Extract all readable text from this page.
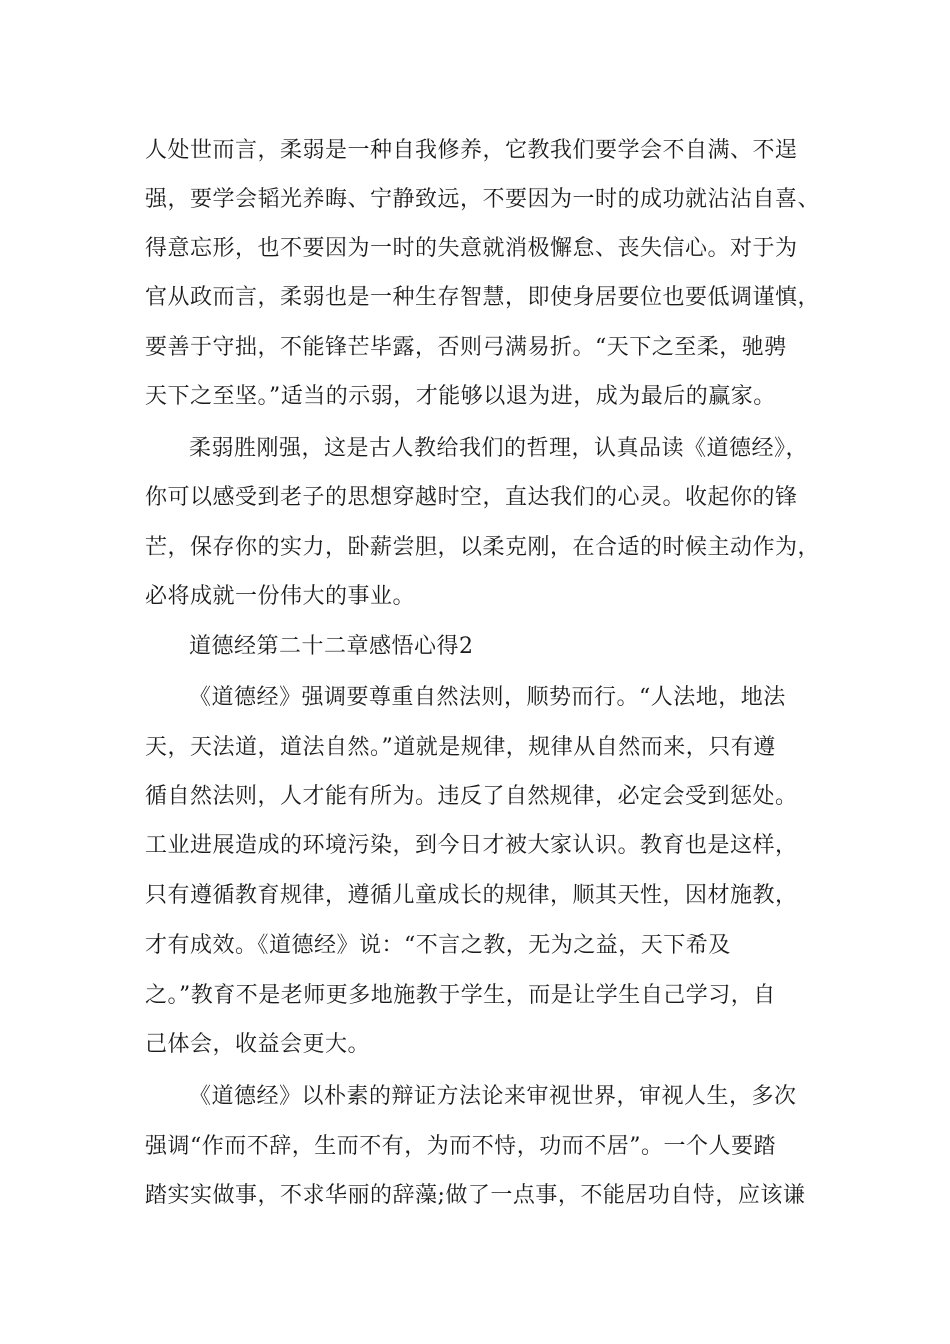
人处世而言，柔弱是一种自我修养，它教我们要学会不自满、不逞
强，要学会韬光养晦、宁静致远，不要因为一时的成功就沾沾自喜、
得意忘形，也不要因为一时的失意就消极懈怠、丧失信心。对于为
官从政而言，柔弱也是一种生存智慧，即使身居要位也要低调谨慎，
要善于守拙，不能锋芒毕露，否则弓满易折。“天下之至柔，驰骋
天下之至坚。”适当的示弱，才能够以退为进，成为最后的赢家。
柔弱胜刚强，这是古人教给我们的哲理，认真品读《道德经》，
你可以感受到老子的思想穿越时空，直达我们的心灵。收起你的锋
芒，保存你的实力，卧薪尝胆，以柔克刚，在合适的时候主动作为，
必将成就一份伟大的事业。
道德经第二十二章感悟心得2
《道德经》强调要尊重自然法则，顺势而行。“人法地，地法
天，天法道，道法自然。”道就是规律，规律从自然而来，只有遵
循自然法则，人才能有所为。违反了自然规律，必定会受到惩处。
工业进展造成的环境污染，到今日才被大家认识。教育也是这样，
只有遵循教育规律，遵循儿童成长的规律，顺其天性，因材施教，
才有成效。《道德经》说：“不言之教，无为之益，天下希及
之。”教育不是老师更多地施教于学生，而是让学生自己学习，自
己体会，收益会更大。
《道德经》以朴素的辩证方法论来审视世界，审视人生，多次
强调“作而不辞，生而不有，为而不恃，功而不居”。一个人要踏
踏实实做事，不求华丽的辞藻;做了一点事，不能居功自恃，应该谦
